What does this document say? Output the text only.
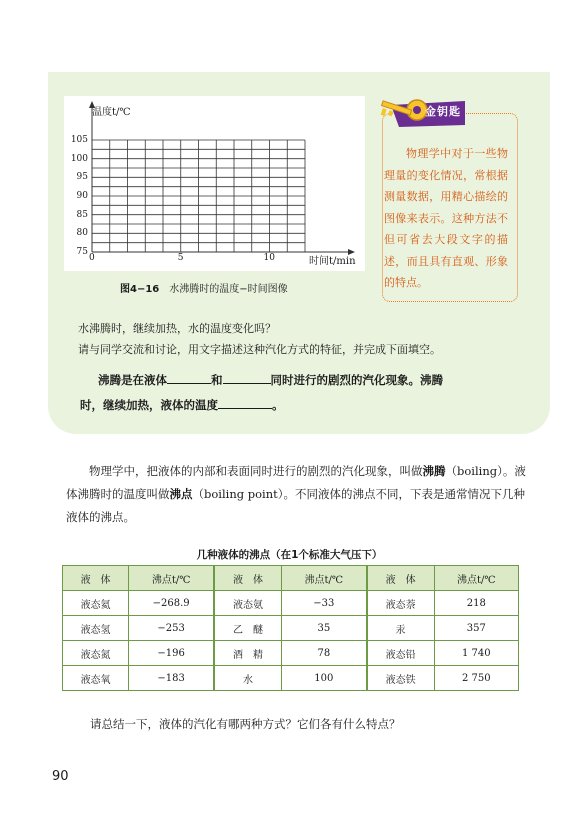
温度t/℃
105
100
95
90
85
80
75
0	5	10	时间t/min
图4−16 水沸腾时的温度−时间图像
金钥匙
物理学中对于一些物理量的变化情况，常根据测量数据，用精心描绘的图像来表示。这种方法不但可省去大段文字的描述，而且具有直观、形象的特点。
水沸腾时，继续加热，水的温度变化吗？
请与同学交流和讨论，用文字描述这种汽化方式的特征，并完成下面填空。
沸腾是在液体	和	同时进行的剧烈的汽化现象。沸腾
时，继续加热，液体的温度	。
物理学中，把液体的内部和表面同时进行的剧烈的汽化现象，叫做沸腾（boiling）。液体沸腾时的温度叫做沸点（boiling point）。不同液体的沸点不同，下表是通常情况下几种液体的沸点。
几种液体的沸点（在1个标准大气压下）
液　体	沸点t/℃	液　体	沸点t/℃	液　体	沸点t/℃
液态氦	−268.9	液态氨	−33	液态萘	218
液态氢	−253	乙　醚	35	汞	357
液态氮	−196	酒　精	78	液态铅	1 740
液态氧	−183	水	100	液态铁	2 750
请总结一下，液体的汽化有哪两种方式？它们各有什么特点？
90
